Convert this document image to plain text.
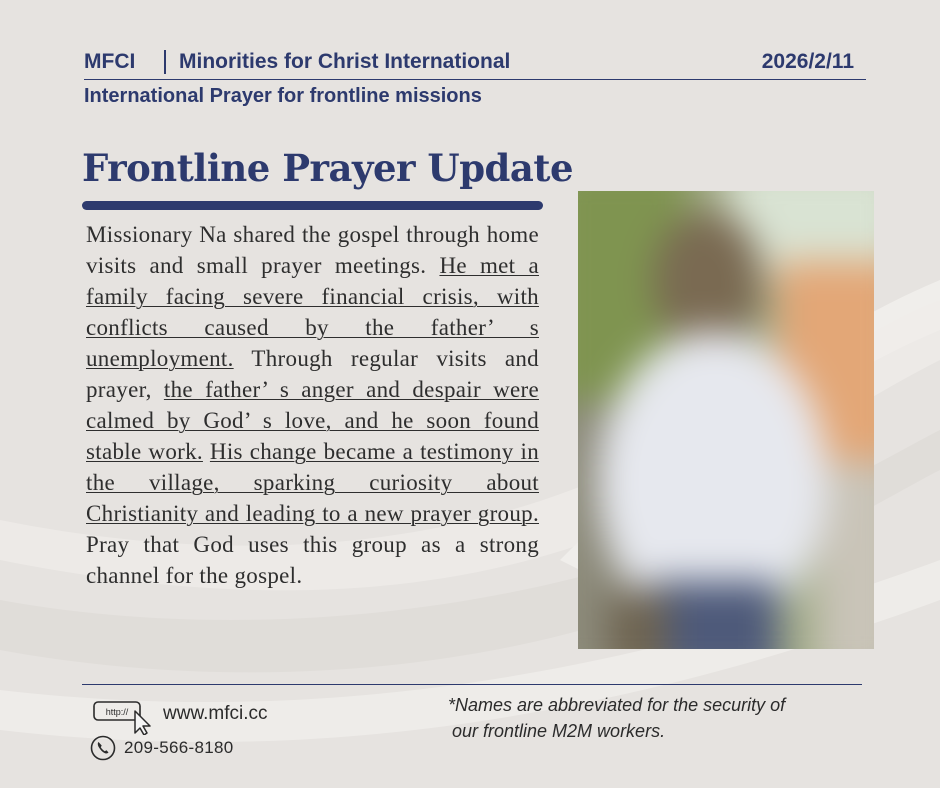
MFCI Minorities for Christ International	2026/2/11
International Prayer for frontline missions
Frontline Prayer Update
Missionary Na shared the gospel through home visits and small prayer meetings. He met a family facing severe financial crisis, with conflicts caused by the father’ s unemployment. Through regular visits and prayer, the father’ s anger and despair were calmed by God’ s love, and he soon found stable work. His change became a testimony in the village, sparking curiosity about Christianity and leading to a new prayer group. Pray that God uses this group as a strong channel for the gospel.
http:// www.mfci.cc
209-566-8180
*Names are abbreviated for the security of
our frontline M2M workers.
